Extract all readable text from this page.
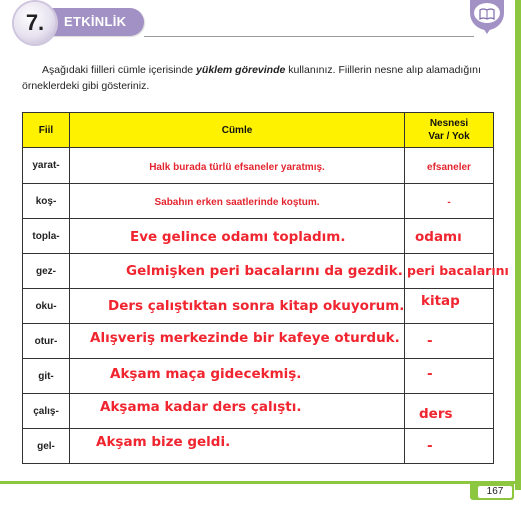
ETKİNLİK
7.
Aşağıdaki fiilleri cümle içerisinde yüklem görevinde kullanınız. Fiillerin nesne alıp alamadığını örneklerdeki gibi gösteriniz.
Fiil	Cümle	Nesnesi
Var / Yok
yarat-	Halk burada türlü efsaneler yaratmış.	efsaneler
koş-	Sabahın erken saatlerinde koştum.	-
topla-	Eve gelince odamı topladım.	odamı

gez-	Gelmişken peri bacalarını da gezdik.	peri bacalarını

oku-	Ders çalıştıktan sonra kitap okuyorum.	kitap

otur-	Alışveriş merkezinde bir kafeye oturduk.	-

git-	Akşam maça gidecekmiş.	-

çalış-	Akşama kadar ders çalıştı.	ders

gel-	Akşam bize geldi.	-
167
